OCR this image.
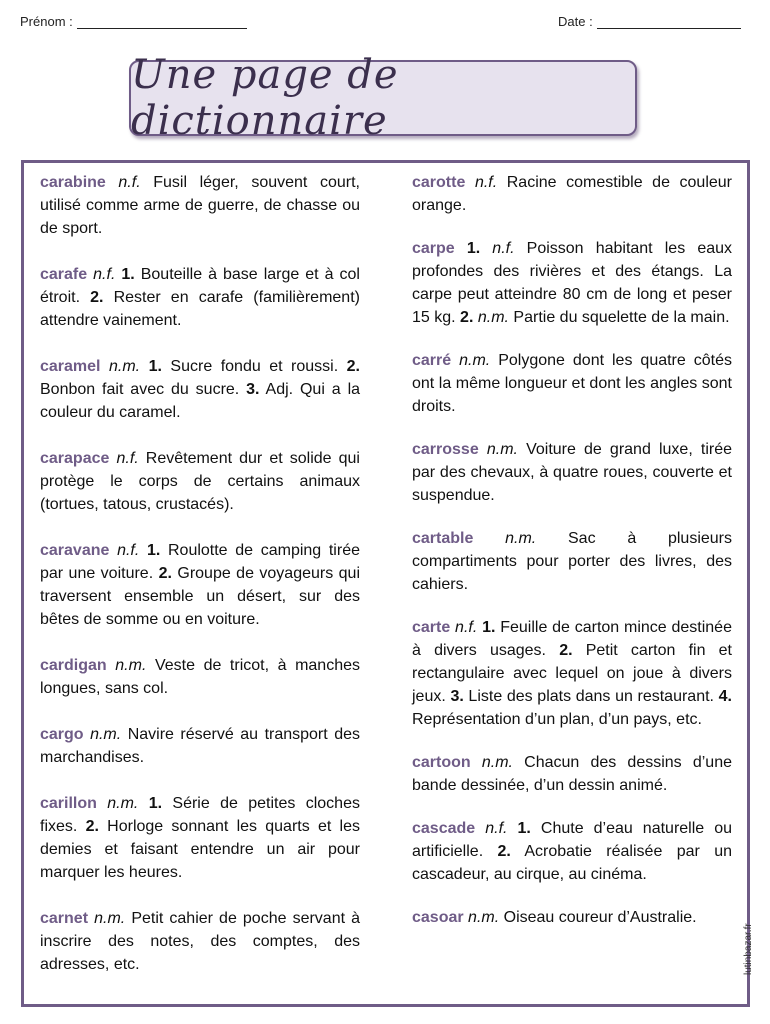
Prénom :	Date :
Une page de dictionnaire

carabine n.f. Fusil léger, souvent court, utilisé comme arme de guerre, de chasse ou de sport.

carafe n.f. 1. Bouteille à base large et à col étroit. 2. Rester en carafe (familièrement) attendre vainement.

caramel n.m. 1. Sucre fondu et roussi. 2. Bonbon fait avec du sucre. 3. Adj. Qui a la couleur du caramel.

carapace n.f. Revêtement dur et solide qui protège le corps de certains animaux (tortues, tatous, crustacés).

caravane n.f. 1. Roulotte de camping tirée par une voiture. 2. Groupe de voyageurs qui traversent ensemble un désert, sur des bêtes de somme ou en voiture.

cardigan n.m. Veste de tricot, à manches longues, sans col.

cargo n.m. Navire réservé au transport des marchandises.

carillon n.m. 1. Série de petites cloches fixes. 2. Horloge sonnant les quarts et les demies et faisant entendre un air pour marquer les heures.

carnet n.m. Petit cahier de poche servant à inscrire des notes, des comptes, des adresses, etc.

carotte n.f. Racine comestible de couleur orange.

carpe 1. n.f. Poisson habitant les eaux profondes des rivières et des étangs. La carpe peut atteindre 80 cm de long et peser 15 kg. 2. n.m. Partie du squelette de la main.

carré n.m. Polygone dont les quatre côtés ont la même longueur et dont les angles sont droits.

carrosse n.m. Voiture de grand luxe, tirée par des chevaux, à quatre roues, couverte et suspendue.

cartable n.m. Sac à plusieurs compartiments pour porter des livres, des cahiers.

carte n.f. 1. Feuille de carton mince destinée à divers usages. 2. Petit carton fin et rectangulaire avec lequel on joue à divers jeux. 3. Liste des plats dans un restaurant. 4. Représentation d’un plan, d’un pays, etc.

cartoon n.m. Chacun des dessins d’une bande dessinée, d’un dessin animé.

cascade n.f. 1. Chute d’eau naturelle ou artificielle. 2. Acrobatie réalisée par un cascadeur, au cirque, au cinéma.

casoar n.m. Oiseau coureur d’Australie.

lutinbazar.fr
